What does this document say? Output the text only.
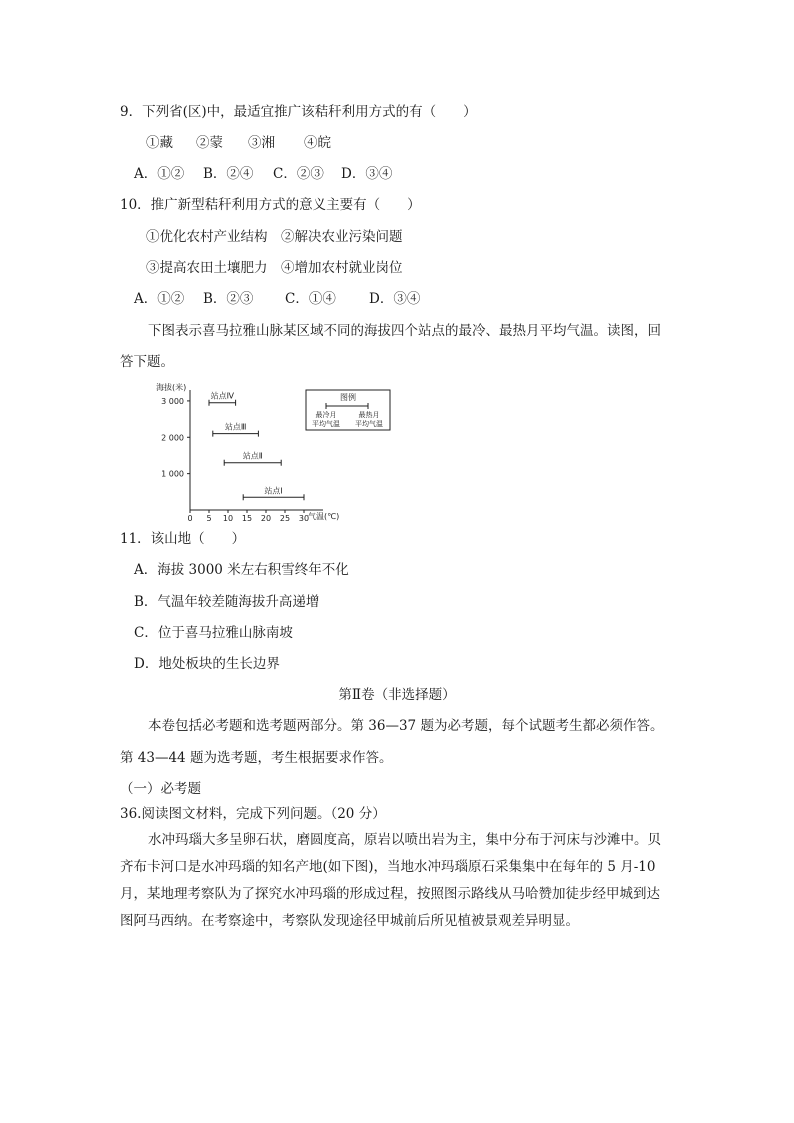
9．下列省(区)中，最适宜推广该秸秆利用方式的有（　　）
①藏 ②蒙 ③湘 ④皖
A．①② B．②④ C．②③ D．③④
10．推广新型秸秆利用方式的意义主要有（　　）
①优化农村产业结构　②解决农业污染问题
③提高农田土壤肥力　④增加农村就业岗位
A．①② B．②③ C．①④ D．③④
下图表示喜马拉雅山脉某区域不同的海拔四个站点的最冷、最热月平均气温。读图，回
答下题。
海拔(米)
气温(℃)
图例
最冷月
平均气温
最热月
平均气温
0 5 10 15 20 25 30
1 000
2 000
3 000
站点Ⅳ
站点Ⅲ
站点Ⅱ
站点Ⅰ
11．该山地（　　）
A．海拔 3000 米左右积雪终年不化
B．气温年较差随海拔升高递增
C．位于喜马拉雅山脉南坡
D．地处板块的生长边界
第Ⅱ卷（非选择题）
本卷包括必考题和选考题两部分。第 36—37 题为必考题，每个试题考生都必须作答。
第 43—44 题为选考题，考生根据要求作答。
（一）必考题
36.阅读图文材料，完成下列问题。（20 分）
水冲玛瑙大多呈卵石状，磨圆度高，原岩以喷出岩为主，集中分布于河床与沙滩中。贝
齐布卡河口是水冲玛瑙的知名产地(如下图)，当地水冲玛瑙原石采集集中在每年的 5 月-10
月，某地理考察队为了探究水冲玛瑙的形成过程，按照图示路线从马哈赞加徒步经甲城到达
图阿马西纳。在考察途中，考察队发现途径甲城前后所见植被景观差异明显。
